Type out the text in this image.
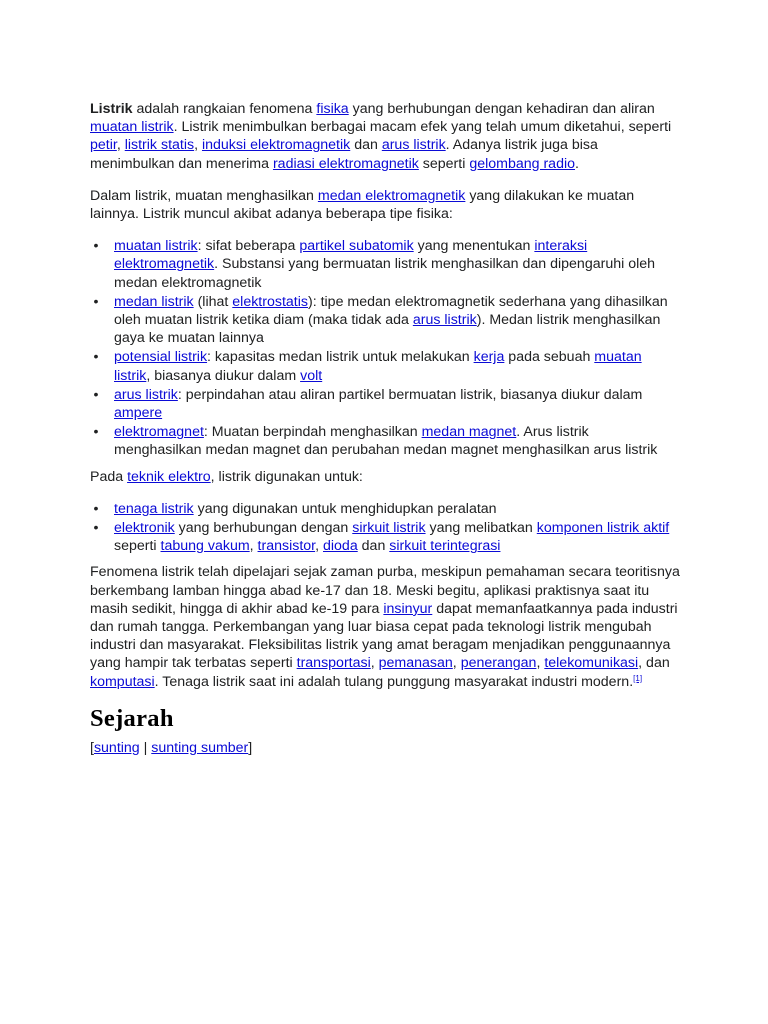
Listrik adalah rangkaian fenomena fisika yang berhubungan dengan kehadiran dan aliran muatan listrik. Listrik menimbulkan berbagai macam efek yang telah umum diketahui, seperti petir, listrik statis, induksi elektromagnetik dan arus listrik. Adanya listrik juga bisa menimbulkan dan menerima radiasi elektromagnetik seperti gelombang radio.

Dalam listrik, muatan menghasilkan medan elektromagnetik yang dilakukan ke muatan lainnya. Listrik muncul akibat adanya beberapa tipe fisika:

• muatan listrik: sifat beberapa partikel subatomik yang menentukan interaksi elektromagnetik. Substansi yang bermuatan listrik menghasilkan dan dipengaruhi oleh medan elektromagnetik
• medan listrik (lihat elektrostatis): tipe medan elektromagnetik sederhana yang dihasilkan oleh muatan listrik ketika diam (maka tidak ada arus listrik). Medan listrik menghasilkan gaya ke muatan lainnya
• potensial listrik: kapasitas medan listrik untuk melakukan kerja pada sebuah muatan listrik, biasanya diukur dalam volt
• arus listrik: perpindahan atau aliran partikel bermuatan listrik, biasanya diukur dalam ampere
• elektromagnet: Muatan berpindah menghasilkan medan magnet. Arus listrik menghasilkan medan magnet dan perubahan medan magnet menghasilkan arus listrik

Pada teknik elektro, listrik digunakan untuk:

• tenaga listrik yang digunakan untuk menghidupkan peralatan
• elektronik yang berhubungan dengan sirkuit listrik yang melibatkan komponen listrik aktif seperti tabung vakum, transistor, dioda dan sirkuit terintegrasi

Fenomena listrik telah dipelajari sejak zaman purba, meskipun pemahaman secara teoritisnya berkembang lamban hingga abad ke-17 dan 18. Meski begitu, aplikasi praktisnya saat itu masih sedikit, hingga di akhir abad ke-19 para insinyur dapat memanfaatkannya pada industri dan rumah tangga. Perkembangan yang luar biasa cepat pada teknologi listrik mengubah industri dan masyarakat. Fleksibilitas listrik yang amat beragam menjadikan penggunaannya yang hampir tak terbatas seperti transportasi, pemanasan, penerangan, telekomunikasi, dan komputasi. Tenaga listrik saat ini adalah tulang punggung masyarakat industri modern.[1]

Sejarah
[sunting | sunting sumber]
